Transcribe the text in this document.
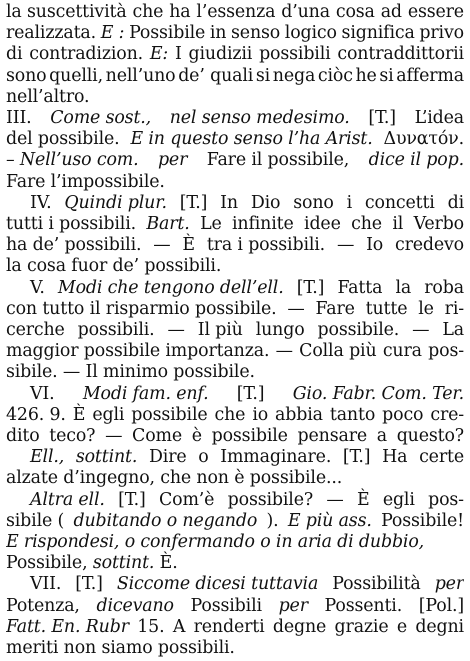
la suscettività che ha l’essenza d’una cosa ad essere
realizzata. E : Possibile in senso logico significa privo
di contradizion. E: I giudizii possibili contraddittorii
sono quelli, nell’uno de’ quali si nega ciòc he si afferma
nell’altro.
III. Come sost., nel senso medesimo. [T.] L’idea
del possibile. E in questo senso l’ha Arist. Δυνατόν.
– Nell’uso com. per Fare il possibile, dice il pop.
Fare l’impossibile.
IV. Quindi plur. [T.] In Dio sono i concetti di
tutti i possibili. Bart. Le infinite idee che il Verbo
ha de’ possibili. — È tra i possibili. — Io credevo
la cosa fuor de’ possibili.
V. Modi che tengono dell’ell. [T.] Fatta la roba
con tutto il risparmio possibile. — Fare tutte le ri-
cerche possibili. — Il più lungo possibile. — La
maggior possibile importanza. — Colla più cura pos-
sibile. — Il minimo possibile.
VI. Modi fam. enf. [T.] Gio. Fabr. Com. Ter.
426. 9. È egli possibile che io abbia tanto poco cre-
dito teco? — Come è possibile pensare a questo?
Ell., sottint. Dire o Immaginare. [T.] Ha certe
alzate d’ingegno, che non è possibile...
Altra ell. [T.] Com’è possibile? — È egli pos-
sibile ( dubitando o negando ). E più ass. Possibile!
E rispondesi, o confermando o in aria di dubbio,
Possibile, sottint. È.
VII. [T.] Siccome dicesi tuttavia Possibilità per
Potenza, dicevano Possibili per Possenti. [Pol.]
Fatt. En. Rubr 15. A renderti degne grazie e degni
meriti non siamo possibili.
